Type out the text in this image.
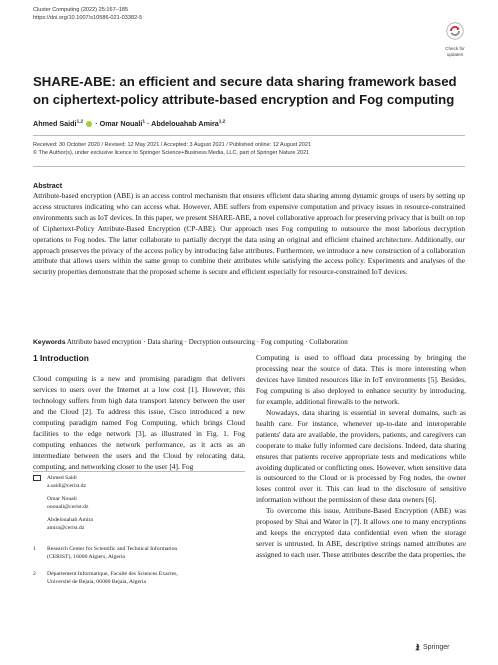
Cluster Computing (2022) 25:167–185
https://doi.org/10.1007/s10586-021-03382-5
Check for
updates
SHARE-ABE: an efficient and secure data sharing framework based on ciphertext-policy attribute-based encryption and Fog computing
Ahmed Saidi$^{1,2}$  · Omar Nouali$^1$ · Abdelouahab Amira$^{1,2}$
Received: 30 October 2020 / Revised: 12 May 2021 / Accepted: 3 August 2021 / Published online: 12 August 2021
© The Author(s), under exclusive licence to Springer Science+Business Media, LLC, part of Springer Nature 2021
Abstract
Attribute-based encryption (ABE) is an access control mechanism that ensures efficient data sharing among dynamic groups of users by setting up access structures indicating who can access what. However, ABE suffers from expensive computation and privacy issues in resource-constrained environments such as IoT devices. In this paper, we present SHARE-ABE, a novel collaborative approach for preserving privacy that is built on top of Ciphertext-Policy Attribute-Based Encryption (CP-ABE). Our approach uses Fog computing to outsource the most laborious decryption operations to Fog nodes. The latter collaborate to partially decrypt the data using an original and efficient chained architecture. Additionally, our approach preserves the privacy of the access policy by introducing false attributes. Furthermore, we introduce a new construction of a collaboration attribute that allows users within the same group to combine their attributes while satisfying the access policy. Experiments and analyses of the security properties demonstrate that the proposed scheme is secure and efficient especially for resource-constrained IoT devices.
Keywords Attribute based encryption · Data sharing · Decryption outsourcing · Fog computing · Collaboration
1 Introduction

Cloud computing is a new and promising paradigm that delivers services to users over the Internet at a low cost [1]. However, this technology suffers from high data transport latency between the user and the Cloud [2]. To address this issue, Cisco introduced a new computing paradigm named Fog Computing, which brings Cloud facilities to the edge network [3], as illustrated in Fig. 1. Fog computing enhances the network performance, as it acts as an intermediate between the users and the Cloud by relocating data, computing, and networking closer to the user [4]. Fog

Ahmed Saidi
a.saidi@cerist.dz
Omar Nouali
onouali@cerist.dz
Abdelouahab Amira
amira@cerist.dz
1	Research Center for Scientific and Technical Information
(CERIST), 16000 Algiers, Algeria
2	Département Informatique, Faculté des Sciences Exactes,
Université de Bejaia, 06000 Bejaia, Algeria

Computing is used to offload data processing by bringing the processing near the source of data. This is more interesting when devices have limited resources like in IoT environments [5]. Besides, Fog computing is also deployed to enhance security by introducing, for example, additional firewalls to the network.

Nowadays, data sharing is essential in several domains, such as health care. For instance, whenever up-to-date and interoperable patients' data are available, the providers, patients, and caregivers can cooperate to make fully informed care decisions. Indeed, data sharing ensures that patients receive appropriate tests and medications while avoiding duplicated or conflicting ones. However, when sensitive data is outsourced to the Cloud or is processed by Fog nodes, the owner loses control over it. This can lead to the disclosure of sensitive information without the permission of these data owners [6].

To overcome this issue, Attribute-Based Encryption (ABE) was proposed by Shai and Water in [7]. It allows one to many encryptions and keeps the encrypted data confidential even when the storage server is untrusted. In ABE, descriptive strings named attributes are assigned to each user. These attributes describe the data properties, the

Springer
